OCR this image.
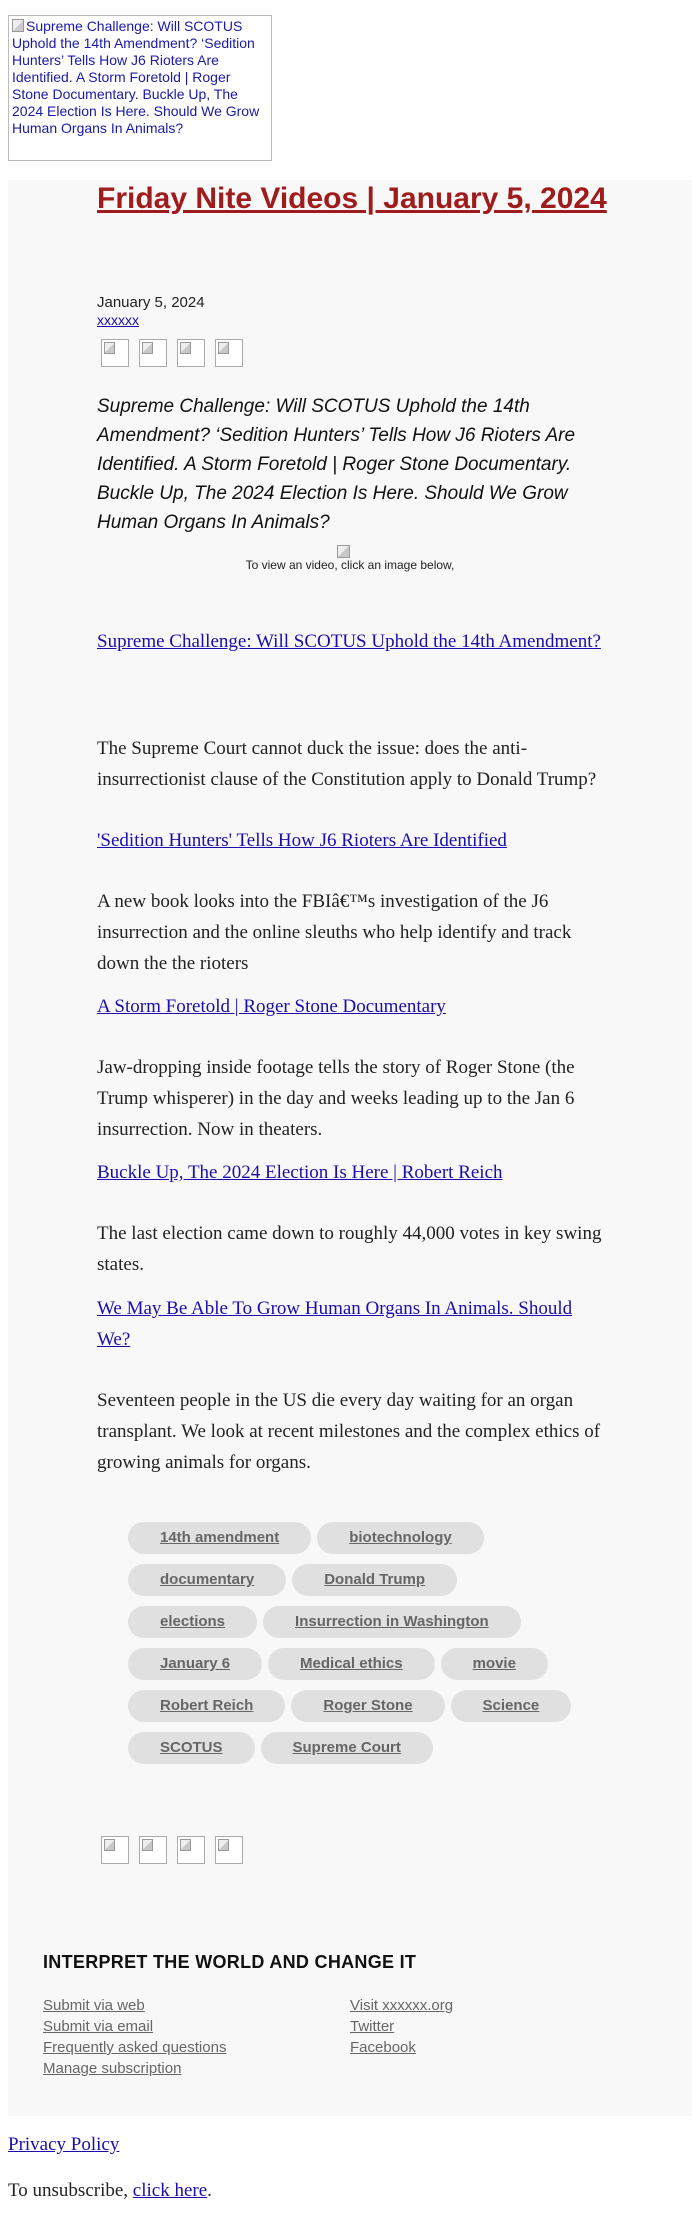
Supreme Challenge: Will SCOTUS Uphold the 14th Amendment? ‘Sedition Hunters’ Tells How J6 Rioters Are Identified. A Storm Foretold | Roger Stone Documentary. Buckle Up, The 2024 Election Is Here. Should We Grow Human Organs In Animals?
Friday Nite Videos | January 5, 2024
January 5, 2024
xxxxxx

Supreme Challenge: Will SCOTUS Uphold the 14th Amendment? ‘Sedition Hunters’ Tells How J6 Rioters Are Identified. A Storm Foretold | Roger Stone Documentary. Buckle Up, The 2024 Election Is Here. Should We Grow Human Organs In Animals?

To view an video, click an image below,

Supreme Challenge: Will SCOTUS Uphold the 14th Amendment?

The Supreme Court cannot duck the issue: does the anti-insurrectionist clause of the Constitution apply to Donald Trump?

'Sedition Hunters' Tells How J6 Rioters Are Identified

A new book looks into the FBIâ€™s investigation of the J6 insurrection and the online sleuths who help identify and track down the the rioters

A Storm Foretold | Roger Stone Documentary

Jaw-dropping inside footage tells the story of Roger Stone (the Trump whisperer) in the day and weeks leading up to the Jan 6 insurrection. Now in theaters.

Buckle Up, The 2024 Election Is Here | Robert Reich

The last election came down to roughly 44,000 votes in key swing states.

We May Be Able To Grow Human Organs In Animals. Should We?

Seventeen people in the US die every day waiting for an organ transplant. We look at recent milestones and the complex ethics of growing animals for organs.

14th amendment	biotechnology
documentary	Donald Trump
elections	Insurrection in Washington
January 6	Medical ethics	movie
Robert Reich	Roger Stone	Science
SCOTUS	Supreme Court
INTERPRET THE WORLD AND CHANGE IT
Submit via web
Submit via email
Frequently asked questions
Manage subscription
Visit xxxxxx.org
Twitter
Facebook
Privacy Policy
To unsubscribe, click here.
